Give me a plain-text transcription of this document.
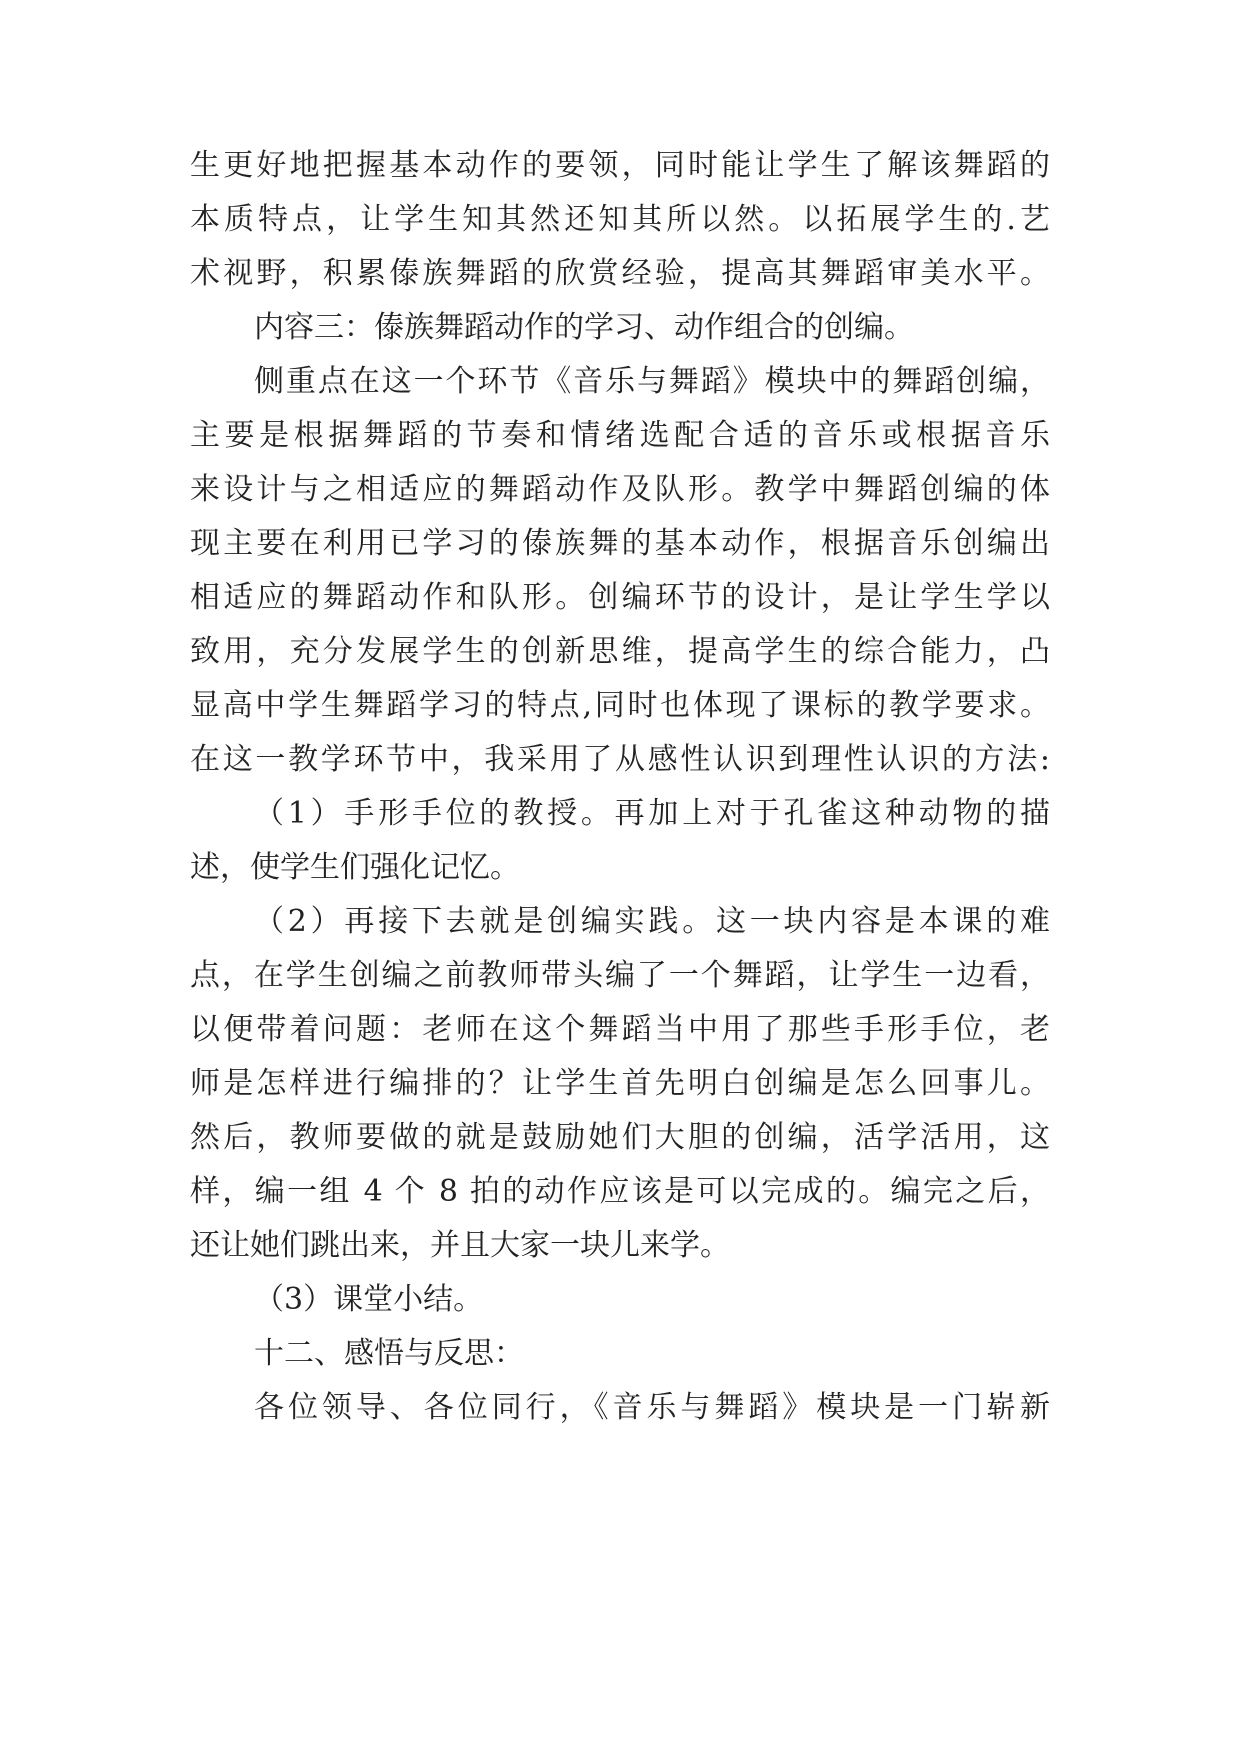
生更好地把握基本动作的要领，同时能让学生了解该舞蹈的
本质特点，让学生知其然还知其所以然。以拓展学生的.艺
术视野，积累傣族舞蹈的欣赏经验，提高其舞蹈审美水平。
内容三：傣族舞蹈动作的学习、动作组合的创编。
侧重点在这一个环节《音乐与舞蹈》模块中的舞蹈创编，
主要是根据舞蹈的节奏和情绪选配合适的音乐或根据音乐
来设计与之相适应的舞蹈动作及队形。教学中舞蹈创编的体
现主要在利用已学习的傣族舞的基本动作，根据音乐创编出
相适应的舞蹈动作和队形。创编环节的设计，是让学生学以
致用，充分发展学生的创新思维，提高学生的综合能力，凸
显高中学生舞蹈学习的特点,同时也体现了课标的教学要求。
在这一教学环节中，我采用了从感性认识到理性认识的方法:
（1）手形手位的教授。再加上对于孔雀这种动物的描
述，使学生们强化记忆。
（2）再接下去就是创编实践。这一块内容是本课的难
点，在学生创编之前教师带头编了一个舞蹈，让学生一边看，
以便带着问题：老师在这个舞蹈当中用了那些手形手位，老
师是怎样进行编排的？让学生首先明白创编是怎么回事儿。
然后，教师要做的就是鼓励她们大胆的创编，活学活用，这
样，编一组 4 个 8 拍的动作应该是可以完成的。编完之后，
还让她们跳出来，并且大家一块儿来学。
（3）课堂小结。
十二、感悟与反思：
各位领导、各位同行，《音乐与舞蹈》模块是一门崭新
